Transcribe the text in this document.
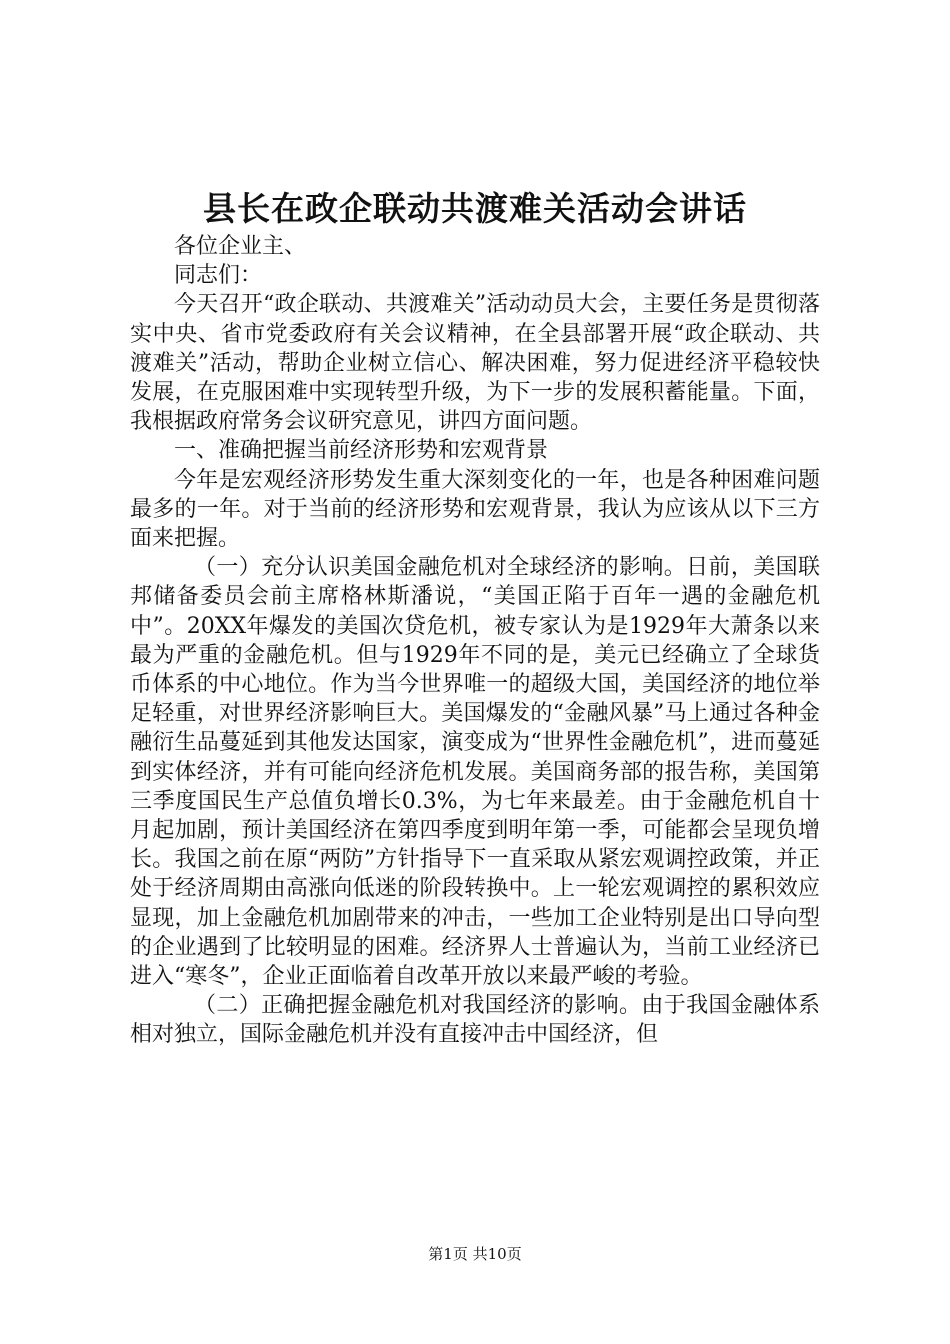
县长在政企联动共渡难关活动会讲话

各位企业主、

同志们：

今天召开“政企联动、共渡难关”活动动员大会，主要任务是贯彻落实中央、省市党委政府有关会议精神，在全县部署开展“政企联动、共渡难关”活动，帮助企业树立信心、解决困难，努力促进经济平稳较快发展，在克服困难中实现转型升级，为下一步的发展积蓄能量。下面，我根据政府常务会议研究意见，讲四方面问题。

一、准确把握当前经济形势和宏观背景

今年是宏观经济形势发生重大深刻变化的一年，也是各种困难问题最多的一年。对于当前的经济形势和宏观背景，我认为应该从以下三方面来把握。

（一）充分认识美国金融危机对全球经济的影响。日前，美国联邦储备委员会前主席格林斯潘说，“美国正陷于百年一遇的金融危机中”。20XX年爆发的美国次贷危机，被专家认为是1929年大萧条以来最为严重的金融危机。但与1929年不同的是，美元已经确立了全球货币体系的中心地位。作为当今世界唯一的超级大国，美国经济的地位举足轻重，对世界经济影响巨大。美国爆发的“金融风暴”马上通过各种金融衍生品蔓延到其他发达国家，演变成为“世界性金融危机”，进而蔓延到实体经济，并有可能向经济危机发展。美国商务部的报告称，美国第三季度国民生产总值负增长0.3%，为七年来最差。由于金融危机自十月起加剧，预计美国经济在第四季度到明年第一季，可能都会呈现负增长。我国之前在原“两防”方针指导下一直采取从紧宏观调控政策，并正处于经济周期由高涨向低迷的阶段转换中。上一轮宏观调控的累积效应显现，加上金融危机加剧带来的冲击，一些加工企业特别是出口导向型的企业遇到了比较明显的困难。经济界人士普遍认为，当前工业经济已进入“寒冬”，企业正面临着自改革开放以来最严峻的考验。

（二）正确把握金融危机对我国经济的影响。由于我国金融体系相对独立，国际金融危机并没有直接冲击中国经济，但

第1页 共10页
